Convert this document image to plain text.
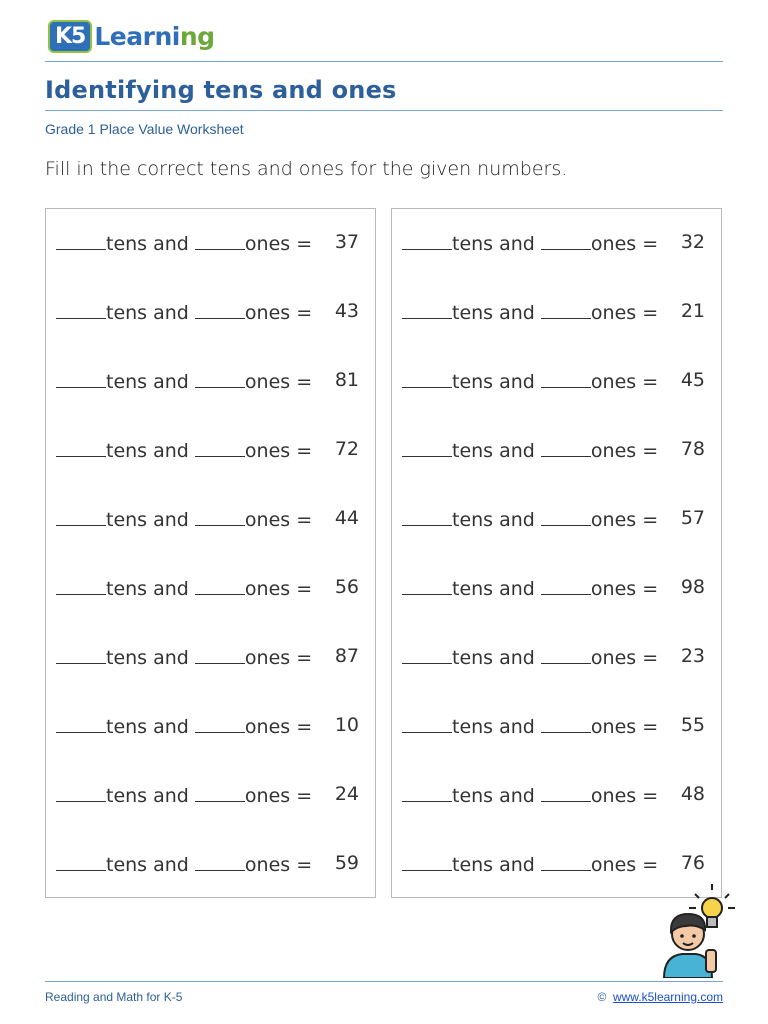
K5 Learning
Identifying tens and ones
Grade 1 Place Value Worksheet
Fill in the correct tens and ones for the given numbers.
tens and	ones = 37
tens and	ones = 43
tens and	ones = 81
tens and	ones = 72
tens and	ones = 44
tens and	ones = 56
tens and	ones = 87
tens and	ones = 10
tens and	ones = 24
tens and	ones = 59
tens and	ones = 32
tens and	ones = 21
tens and	ones = 45
tens and	ones = 78
tens and	ones = 57
tens and	ones = 98
tens and	ones = 23
tens and	ones = 55
tens and	ones = 48
tens and	ones = 76
Reading and Math for K-5	© www.k5learning.com
